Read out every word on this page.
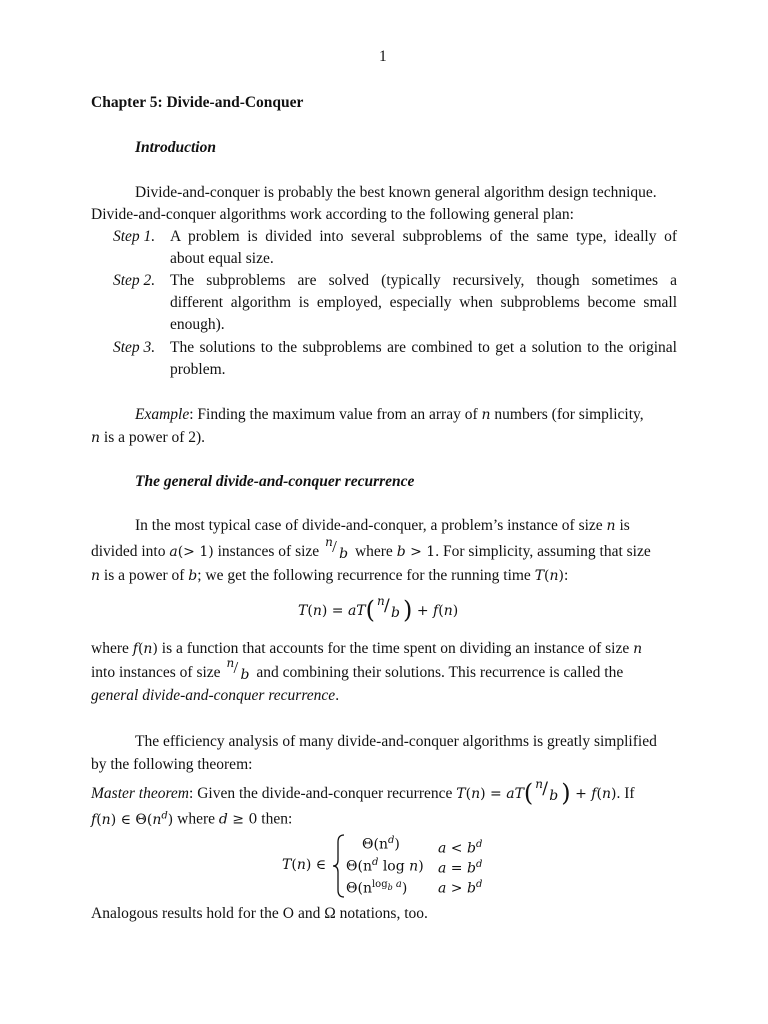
1
Chapter 5: Divide-and-Conquer
Introduction
Divide-and-conquer is probably the best known general algorithm design technique.
Divide-and-conquer algorithms work according to the following general plan:
Step 1. A problem is divided into several subproblems of the same type, ideally of
about equal size.
Step 2. The subproblems are solved (typically recursively, though sometimes a
different algorithm is employed, especially when subproblems become small
enough).
Step 3. The solutions to the subproblems are combined to get a solution to the original
problem.
Example: Finding the maximum value from an array of n numbers (for simplicity,
n is a power of 2).
The general divide-and-conquer recurrence
In the most typical case of divide-and-conquer, a problem’s instance of size n is
divided into a(> 1) instances of size
n / b where b > 1. For simplicity, assuming that size
n is a power of b; we get the following recurrence for the running time T(n):
T(n) = aT( n / b ) + f(n)
where f(n) is a function that accounts for the time spent on dividing an instance of size n
into instances of size
n / b and combining their solutions. This recurrence is called the
general divide-and-conquer recurrence.
The efficiency analysis of many divide-and-conquer algorithms is greatly simplified
by the following theorem:
Master theorem: Given the divide-and-conquer recurrence T(n) = aT( n / b ) + f(n). If
f(n) ∈ $\Theta(n^d)$ where d ≥ 0 then:
T(n) ∈
$\Theta(n^d)$
$\Theta(n^d$ log n)
$\Theta(n^{log_b a})$
$a < b^d$
$a = b^d$
$a > b^d$
Analogous results hold for the O and Ω notations, too.
